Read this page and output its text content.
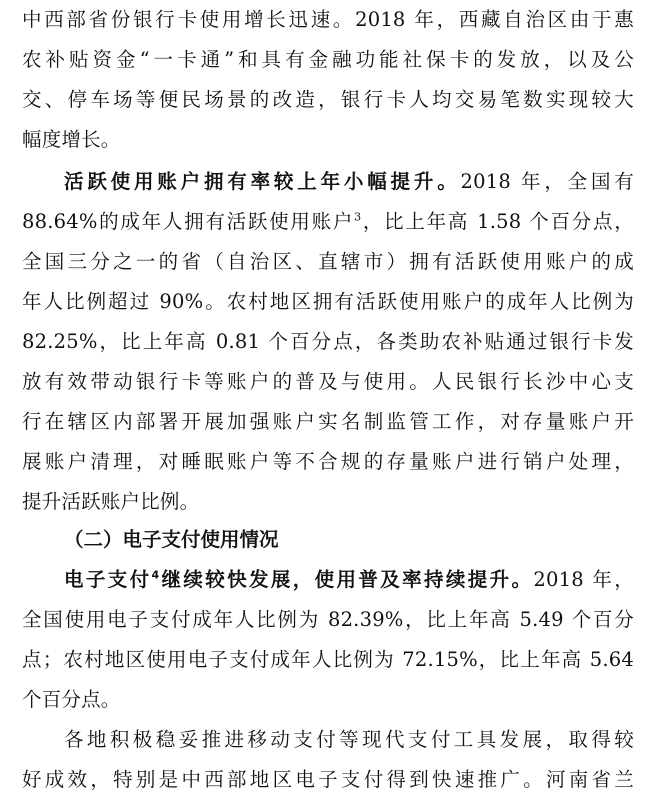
中西部省份银行卡使用增长迅速。2018 年，西藏自治区由于惠
农补贴资金“一卡通”和具有金融功能社保卡的发放，以及公
交、停车场等便民场景的改造，银行卡人均交易笔数实现较大
幅度增长。
活跃使用账户拥有率较上年小幅提升。2018 年，全国有
88.64%的成年人拥有活跃使用账户$^3$，比上年高 1.58 个百分点，
全国三分之一的省（自治区、直辖市）拥有活跃使用账户的成
年人比例超过 90%。农村地区拥有活跃使用账户的成年人比例为
82.25%，比上年高 0.81 个百分点，各类助农补贴通过银行卡发
放有效带动银行卡等账户的普及与使用。人民银行长沙中心支
行在辖区内部署开展加强账户实名制监管工作，对存量账户开
展账户清理，对睡眠账户等不合规的存量账户进行销户处理，
提升活跃账户比例。
（二）电子支付使用情况
电子支付$^4$继续较快发展，使用普及率持续提升。2018 年，
全国使用电子支付成年人比例为 82.39%，比上年高 5.49 个百分
点；农村地区使用电子支付成年人比例为 72.15%，比上年高 5.64
个百分点。
各地积极稳妥推进移动支付等现代支付工具发展，取得较
好成效，特别是中西部地区电子支付得到快速推广。河南省兰
